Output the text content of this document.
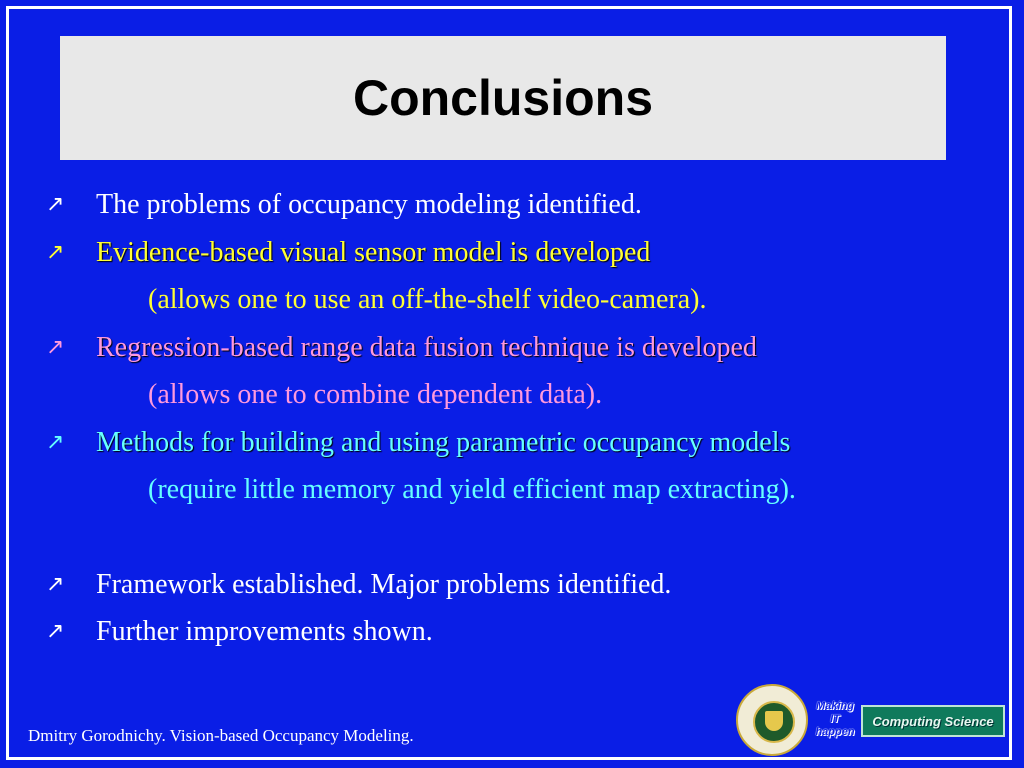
Conclusions
↗	The problems of occupancy modeling identified.
↗	Evidence-based visual sensor model is developed
(allows one to use an off-the-shelf video-camera).
↗	Regression-based range data fusion technique is developed
(allows one to combine dependent data).
↗	Methods for building and using parametric occupancy models
(require little memory and yield efficient map extracting).
↗	Framework established. Major problems identified.
↗	Further improvements shown.
Dmitry Gorodnichy. Vision-based Occupancy Modeling.
Making
IT
happen
Computing Science
